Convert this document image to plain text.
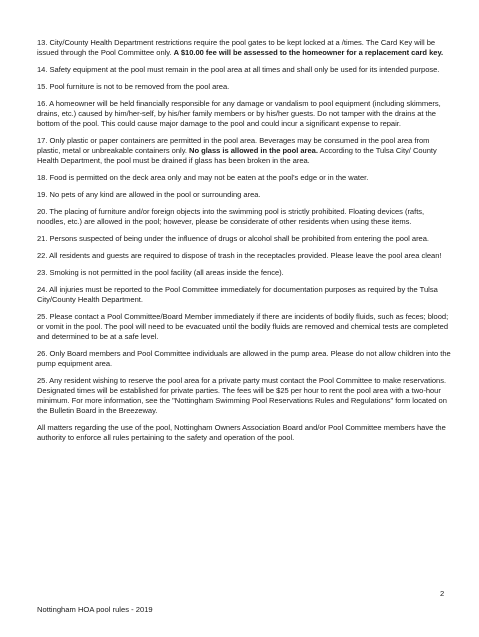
13. City/County Health Department restrictions require the pool gates to be kept locked at a /times. The Card Key will be issued through the Pool Committee only. A $10.00 fee will be assessed to the homeowner for a replacement card key.

14. Safety equipment at the pool must remain in the pool area at all times and shall only be used for its intended purpose.

15. Pool furniture is not to be removed from the pool area.

16. A homeowner will be held financially responsible for any damage or vandalism to pool equipment (including skimmers, drains, etc.) caused by him/her-self, by his/her family members or by his/her guests. Do not tamper with the drains at the bottom of the pool. This could cause major damage to the pool and could incur a significant expense to repair.

17. Only plastic or paper containers are permitted in the pool area. Beverages may be consumed in the pool area from plastic, metal or unbreakable containers only. No glass is allowed in the pool area. According to the Tulsa City/ County Health Department, the pool must be drained if glass has been broken in the area.

18. Food is permitted on the deck area only and may not be eaten at the pool's edge or in the water.

19. No pets of any kind are allowed in the pool or surrounding area.

20. The placing of furniture and/or foreign objects into the swimming pool is strictly prohibited. Floating devices (rafts, noodles, etc.) are allowed in the pool; however, please be considerate of other residents when using these items.

21. Persons suspected of being under the influence of drugs or alcohol shall be prohibited from entering the pool area.

22. All residents and guests are required to dispose of trash in the receptacles provided. Please leave the pool area clean!

23. Smoking is not permitted in the pool facility (all areas inside the fence).

24. All injuries must be reported to the Pool Committee immediately for documentation purposes as required by the Tulsa City/County Health Department.

25. Please contact a Pool Committee/Board Member immediately if there are incidents of bodily fluids, such as feces; blood; or vomit in the pool. The pool will need to be evacuated until the bodily fluids are removed and chemical tests are completed and determined to be at a safe level.

26. Only Board members and Pool Committee individuals are allowed in the pump area. Please do not allow children into the pump equipment area.

25. Any resident wishing to reserve the pool area for a private party must contact the Pool Committee to make reservations. Designated times will be established for private parties. The fees will be $25 per hour to rent the pool area with a two-hour minimum. For more information, see the "Nottingham Swimming Pool Reservations Rules and Regulations" form located on the Bulletin Board in the Breezeway.

All matters regarding the use of the pool, Nottingham Owners Association Board and/or Pool Committee members have the authority to enforce all rules pertaining to the safety and operation of the pool.

2
Nottingham HOA pool rules - 2019
